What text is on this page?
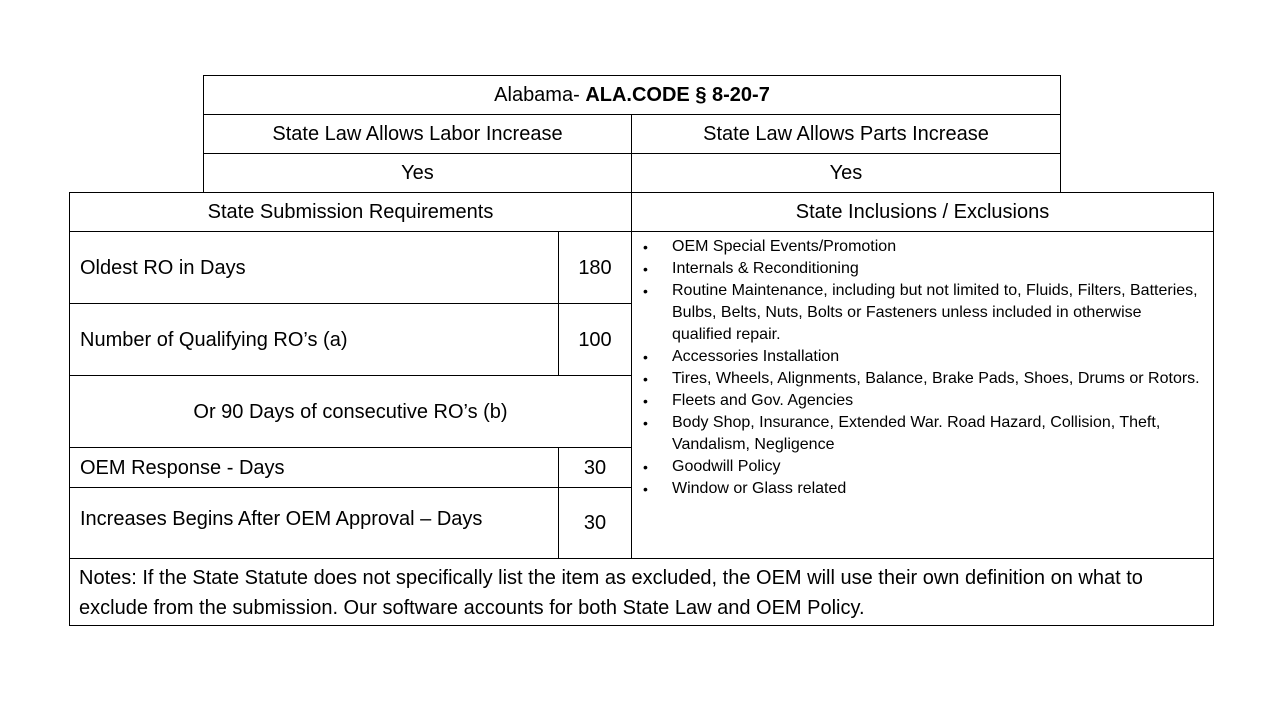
Alabama-
ALA.CODE § 8-20-7
State Law Allows Labor Increase	State Law Allows Parts Increase
Yes	Yes
State Submission Requirements	State Inclusions / Exclusions
Oldest RO in Days	180
Number of Qualifying RO’s (a)	100
Or 90 Days of consecutive RO’s (b)
OEM Response - Days	30
Increases Begins After OEM Approval – Days	30
• OEM Special Events/Promotion
• Internals & Reconditioning
• Routine Maintenance, including but not limited to, Fluids, Filters, Batteries, Bulbs, Belts, Nuts, Bolts or Fasteners unless included in otherwise qualified repair.
• Accessories Installation
• Tires, Wheels, Alignments, Balance, Brake Pads, Shoes, Drums or Rotors.
• Fleets and Gov. Agencies
• Body Shop, Insurance, Extended War. Road Hazard, Collision, Theft, Vandalism, Negligence
• Goodwill Policy
• Window or Glass related
Notes: If the State Statute does not specifically list the item as excluded, the OEM will use their own definition on what to exclude from the submission. Our software accounts for both State Law and OEM Policy.
